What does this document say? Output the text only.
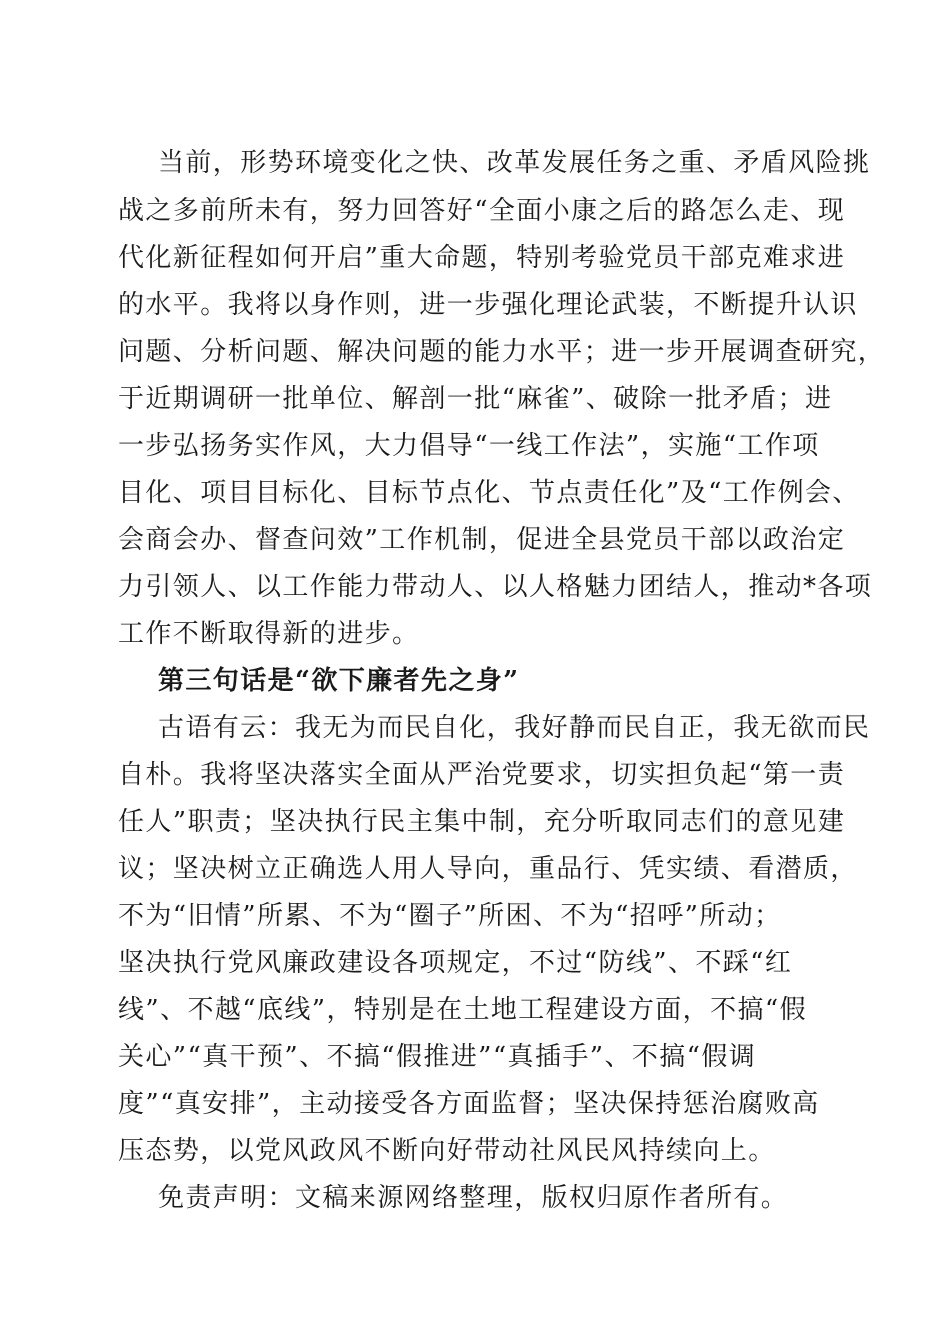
当前，形势环境变化之快、改革发展任务之重、矛盾风险挑

战之多前所未有，努力回答好“全面小康之后的路怎么走、现

代化新征程如何开启”重大命题，特别考验党员干部克难求进

的水平。我将以身作则，进一步强化理论武装，不断提升认识

问题、分析问题、解决问题的能力水平；进一步开展调查研究，

于近期调研一批单位、解剖一批“麻雀”、破除一批矛盾；进

一步弘扬务实作风，大力倡导“一线工作法”，实施“工作项

目化、项目目标化、目标节点化、节点责任化”及“工作例会、

会商会办、督查问效”工作机制，促进全县党员干部以政治定

力引领人、以工作能力带动人、以人格魅力团结人，推动*各项

工作不断取得新的进步。

第三句话是“欲下廉者先之身”

古语有云：我无为而民自化，我好静而民自正，我无欲而民

自朴。我将坚决落实全面从严治党要求，切实担负起“第一责

任人”职责；坚决执行民主集中制，充分听取同志们的意见建

议；坚决树立正确选人用人导向，重品行、凭实绩、看潜质，

不为“旧情”所累、不为“圈子”所困、不为“招呼”所动；

坚决执行党风廉政建设各项规定，不过“防线”、不踩“红

线”、不越“底线”，特别是在土地工程建设方面，不搞“假

关心”“真干预”、不搞“假推进”“真插手”、不搞“假调

度”“真安排”，主动接受各方面监督；坚决保持惩治腐败高

压态势，以党风政风不断向好带动社风民风持续向上。

免责声明：文稿来源网络整理，版权归原作者所有。
